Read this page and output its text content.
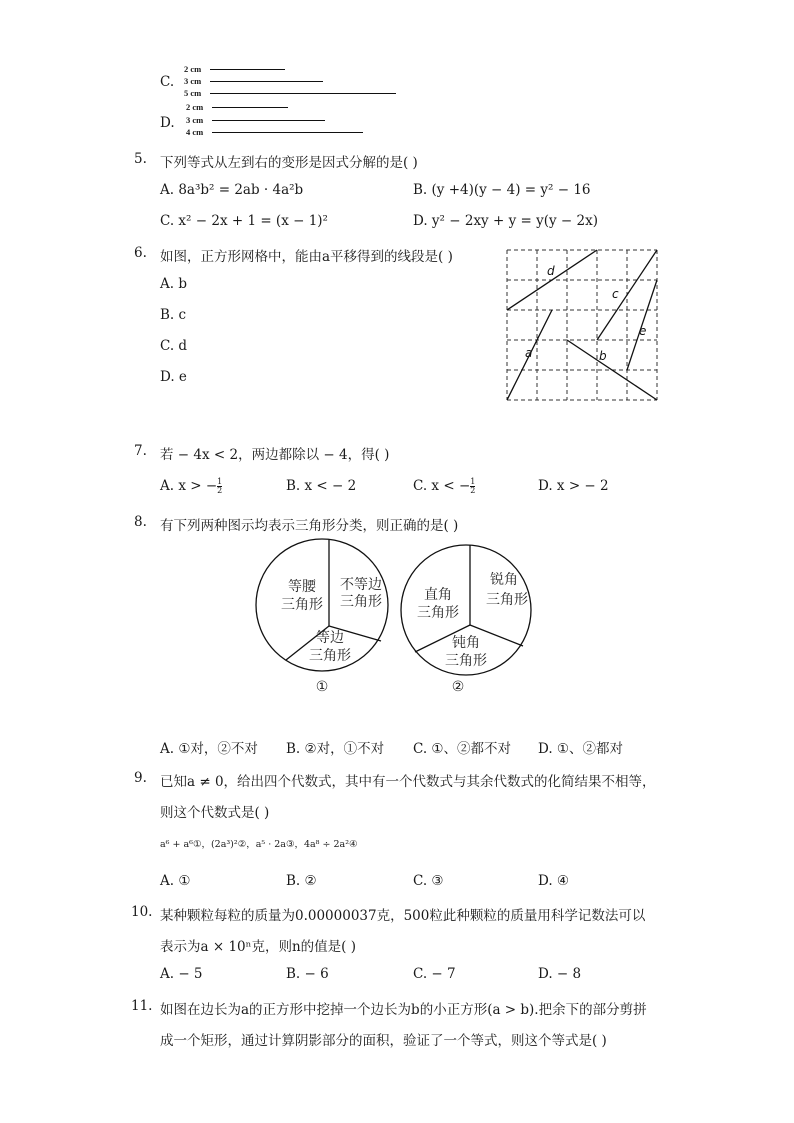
C.
2 cm
3 cm
5 cm
D.
2 cm
3 cm
4 cm
5. 下列等式从左到右的变形是因式分解的是( )
A. 8a³b² = 2ab · 4a²b	B. (y +4)(y − 4) = y² − 16
C. x² − 2x + 1 = (x − 1)²	D. y² − 2xy + y = y(y − 2x)
6. 如图，正方形网格中，能由a平移得到的线段是( )
A. b
B. c
C. d
D. e
a	b
c
d
e
7. 若 − 4x < 2，两边都除以 − 4，得( )
A. x > − $\frac{1}{2}$	B. x < − 2	C. x < − $\frac{1}{2}$	D. x > − 2
8. 有下列两种图示均表示三角形分类，则正确的是( )
等腰
三角形
不等边
三角形
等边
三角形
①
直角
三角形
锐角
三角形
钝角
三角形
②
A. ①对，②不对 B. ②对，①不对 C. ①、②都不对 D. ①、②都对
9. 已知a ≠ 0，给出四个代数式，其中有一个代数式与其余代数式的化简结果不相等，
则这个代数式是( )
a⁶ + a⁶①，(2a³)²②，a⁵ · 2a③，4a⁸ ÷ 2a²④
A. ①	B. ②	C. ③	D. ④
10. 某种颗粒每粒的质量为0.00000037克，500粒此种颗粒的质量用科学记数法可以
表示为a × 10ⁿ克，则n的值是( )
A. − 5	B. − 6	C. − 7	D. − 8
11. 如图在边长为a的正方形中挖掉一个边长为b的小正方形(a > b).把余下的部分剪拼
成一个矩形，通过计算阴影部分的面积，验证了一个等式，则这个等式是( )
